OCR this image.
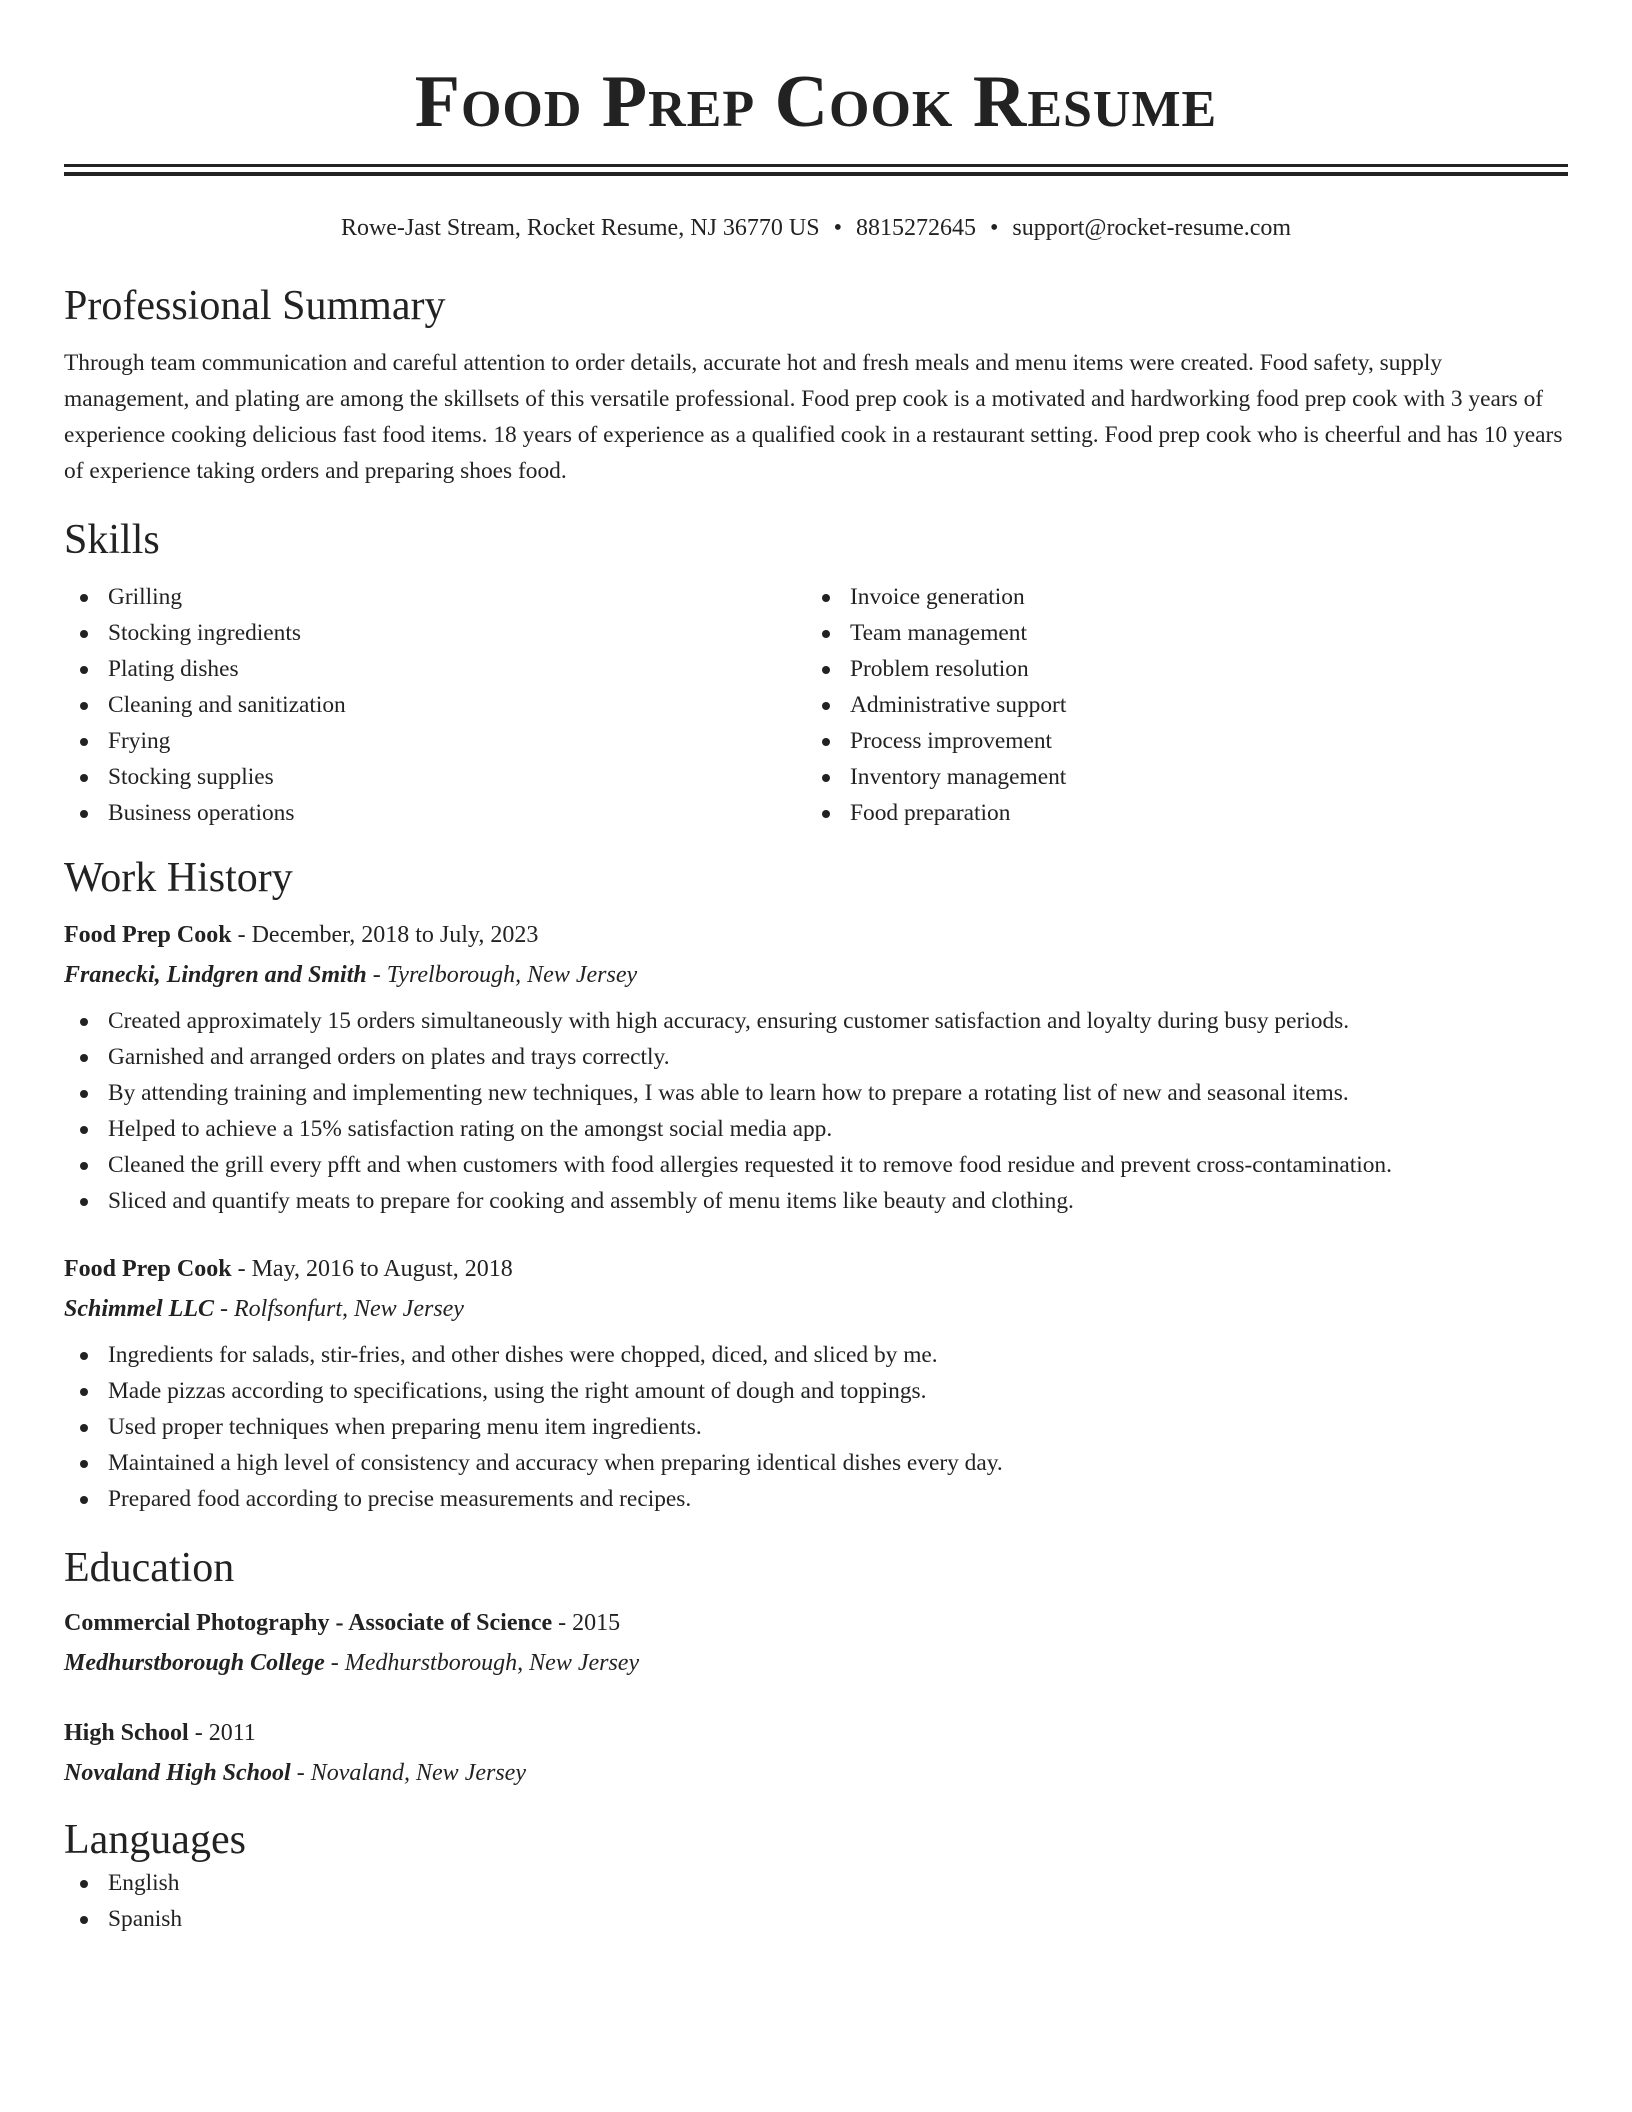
Food Prep Cook Resume
Rowe-Jast Stream, Rocket Resume, NJ 36770 US • 8815272645 • support@rocket-resume.com
Professional Summary
Through team communication and careful attention to order details, accurate hot and fresh meals and menu items were created. Food safety, supply management, and plating are among the skillsets of this versatile professional. Food prep cook is a motivated and hardworking food prep cook with 3 years of experience cooking delicious fast food items. 18 years of experience as a qualified cook in a restaurant setting. Food prep cook who is cheerful and has 10 years of experience taking orders and preparing shoes food.
Skills
Grilling
Stocking ingredients
Plating dishes
Cleaning and sanitization
Frying
Stocking supplies
Business operations
Invoice generation
Team management
Problem resolution
Administrative support
Process improvement
Inventory management
Food preparation
Work History
Food Prep Cook - December, 2018 to July, 2023
Franecki, Lindgren and Smith - Tyrelborough, New Jersey
Created approximately 15 orders simultaneously with high accuracy, ensuring customer satisfaction and loyalty during busy periods.
Garnished and arranged orders on plates and trays correctly.
By attending training and implementing new techniques, I was able to learn how to prepare a rotating list of new and seasonal items.
Helped to achieve a 15% satisfaction rating on the amongst social media app.
Cleaned the grill every pfft and when customers with food allergies requested it to remove food residue and prevent cross-contamination.
Sliced and quantify meats to prepare for cooking and assembly of menu items like beauty and clothing.
Food Prep Cook - May, 2016 to August, 2018
Schimmel LLC - Rolfsonfurt, New Jersey
Ingredients for salads, stir-fries, and other dishes were chopped, diced, and sliced by me.
Made pizzas according to specifications, using the right amount of dough and toppings.
Used proper techniques when preparing menu item ingredients.
Maintained a high level of consistency and accuracy when preparing identical dishes every day.
Prepared food according to precise measurements and recipes.
Education
Commercial Photography - Associate of Science - 2015
Medhurstborough College - Medhurstborough, New Jersey
High School - 2011
Novaland High School - Novaland, New Jersey
Languages
English
Spanish
